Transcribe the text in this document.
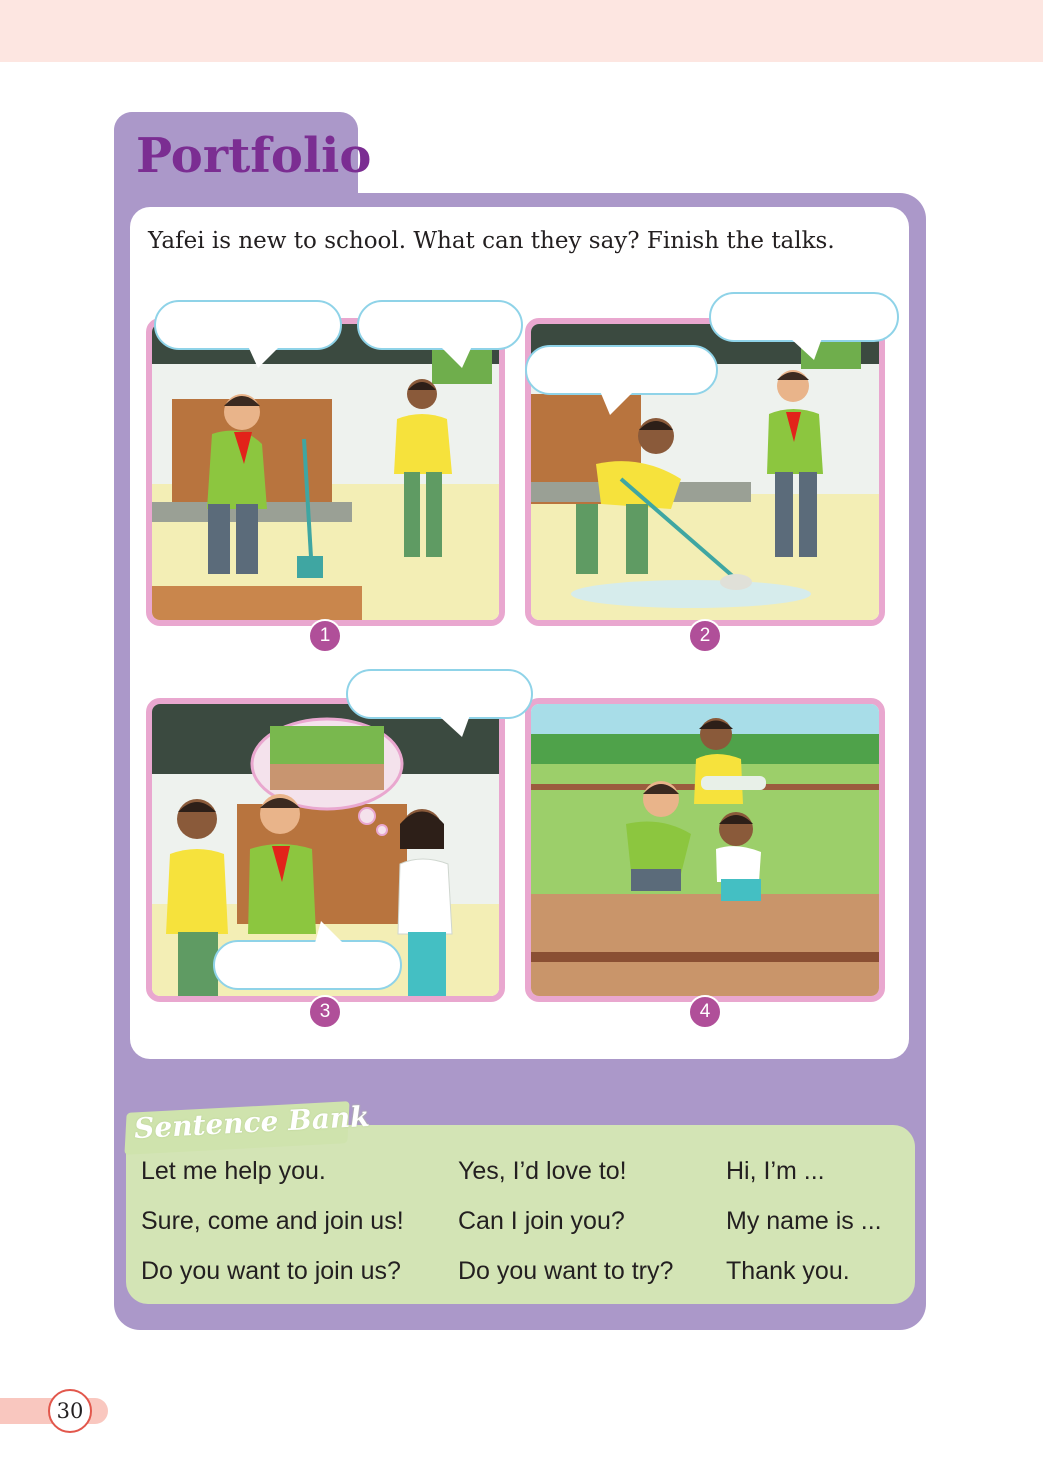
Portfolio
Yafei is new to school. What can they say? Finish the talks.
1	2
3	4
Sentence Bank
Let me help you.
Sure, come and join us!
Do you want to join us?
Yes, I’d love to!
Can I join you?
Do you want to try?
Hi, I’m ...
My name is ...
Thank you.
30
